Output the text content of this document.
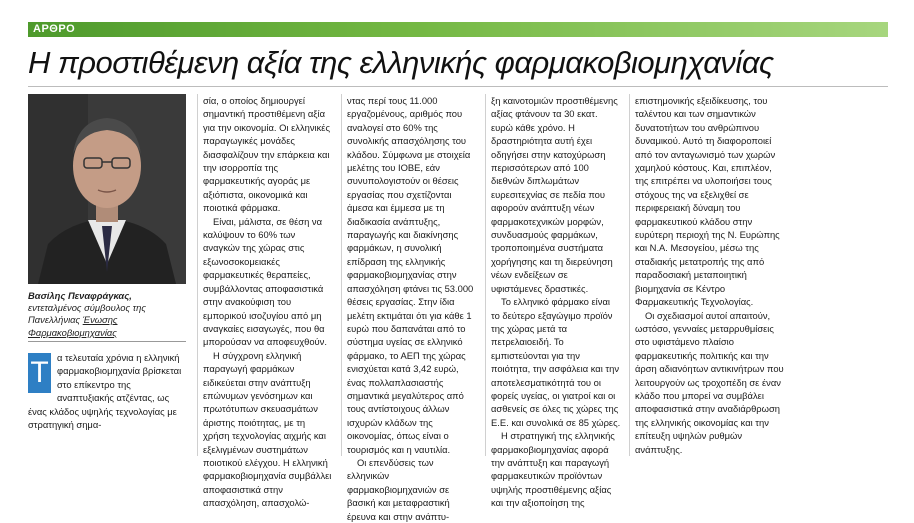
ΑΡΘΡΟ
Η προστιθέμενη αξία της ελληνικής φαρμακοβιομηχανίας
Βασίλης Πεναφράγκας, εντεταλμένος σύμβουλος της Πανελλήνιας Ένωσης Φαρμακοβιομηχανίας
Τ α τελευταία χρόνια η ελληνική φαρμακοβιομηχανία βρίσκεται στο επίκεντρο της αναπτυξιακής ατζέντας, ως ένας κλάδος υψηλής τεχνολογίας με στρατηγική σημα-

σία, ο οποίος δημιουργεί σημαντική προστιθέμενη αξία για την οικονομία. Οι ελληνικές παραγωγικές μονάδες διασφαλίζουν την επάρκεια και την ισορροπία της φαρμακευτικής αγοράς με αξιόπιστα, οικονομικά και ποιοτικά φάρμακα.

Είναι, μάλιστα, σε θέση να καλύψουν το 60% των αναγκών της χώρας στις εξωνοσοκομειακές φαρμακευτικές θεραπείες, συμβάλλοντας αποφασιστικά στην ανακούφιση του εμπορικού ισοζυγίου από μη αναγκαίες εισαγωγές, που θα μπορούσαν να αποφευχθούν.

Η σύγχρονη ελληνική παραγωγή φαρμάκων ειδικεύεται στην ανάπτυξη επώνυμων γενόσημων και πρωτότυπων σκευασμάτων άριστης ποιότητας, με τη χρήση τεχνολογίας αιχμής και εξελιγμένων συστημάτων ποιοτικού ελέγχου. Η ελληνική φαρμακοβιομηχανία συμβάλλει αποφασιστικά στην απασχόληση, απασχολώ-

ντας περί τους 11.000 εργαζομένους, αριθμός που αναλογεί στο 60% της συνολικής απασχόλησης του κλάδου. Σύμφωνα με στοιχεία μελέτης του ΙΟΒΕ, εάν συνυπολογιστούν οι θέσεις εργασίας που σχετίζονται άμεσα και έμμεσα με τη διαδικασία ανάπτυξης, παραγωγής και διακίνησης φαρμάκων, η συνολική επίδραση της ελληνικής φαρμακοβιομηχανίας στην απασχόληση φτάνει τις 53.000 θέσεις εργασίας. Στην ίδια μελέτη εκτιμάται ότι για κάθε 1 ευρώ που δαπανάται από το σύστημα υγείας σε ελληνικό φάρμακο, το ΑΕΠ της χώρας ενισχύεται κατά 3,42 ευρώ, ένας πολλαπλασιαστής σημαντικά μεγαλύτερος από τους αντίστοιχους άλλων ισχυρών κλάδων της οικονομίας, όπως είναι ο τουρισμός και η ναυτιλία.

Οι επενδύσεις των ελληνικών φαρμακοβιομηχανιών σε βασική και μεταφραστική έρευνα και στην ανάπτυ-

ξη καινοτομιών προστιθέμενης αξίας φτάνουν τα 30 εκατ. ευρώ κάθε χρόνο. Η δραστηριότητα αυτή έχει οδηγήσει στην κατοχύρωση περισσότερων από 100 διεθνών διπλωμάτων ευρεσιτεχνίας σε πεδία που αφορούν ανάπτυξη νέων φαρμακοτεχνικών μορφών, συνδυασμούς φαρμάκων, τροποποιημένα συστήματα χορήγησης και τη διερεύνηση νέων ενδείξεων σε υφιστάμενες δραστικές.

Το ελληνικό φάρμακο είναι το δεύτερο εξαγώγιμο προϊόν της χώρας μετά τα πετρελαιοειδή. Το εμπιστεύονται για την ποιότητα, την ασφάλεια και την αποτελεσματικότητά του οι φορείς υγείας, οι γιατροί και οι ασθενείς σε όλες τις χώρες της Ε.Ε. και συνολικά σε 85 χώρες.

Η στρατηγική της ελληνικής φαρμακοβιομηχανίας αφορά την ανάπτυξη και παραγωγή φαρμακευτικών προϊόντων υψηλής προστιθέμενης αξίας και την αξιοποίηση της

επιστημονικής εξειδίκευσης, του ταλέντου και των σημαντικών δυνατοτήτων του ανθρώπινου δυναμικού. Αυτό τη διαφοροποιεί από τον ανταγωνισμό των χωρών χαμηλού κόστους. Και, επιπλέον, της επιτρέπει να υλοποιήσει τους στόχους της να εξελιχθεί σε περιφερειακή δύναμη του φαρμακευτικού κλάδου στην ευρύτερη περιοχή της Ν. Ευρώπης και Ν.Α. Μεσογείου, μέσω της σταδιακής μετατροπής της από παραδοσιακή μεταποιητική βιομηχανία σε Κέντρο Φαρμακευτικής Τεχνολογίας.

Οι σχεδιασμοί αυτοί απαιτούν, ωστόσο, γενναίες μεταρρυθμίσεις στο υφιστάμενο πλαίσιο φαρμακευτικής πολιτικής και την άρση αδιανόητων αντικινήτρων που λειτουργούν ως τροχοπέδη σε έναν κλάδο που μπορεί να συμβάλει αποφασιστικά στην αναδιάρθρωση της ελληνικής οικονομίας και την επίτευξη υψηλών ρυθμών ανάπτυξης.
